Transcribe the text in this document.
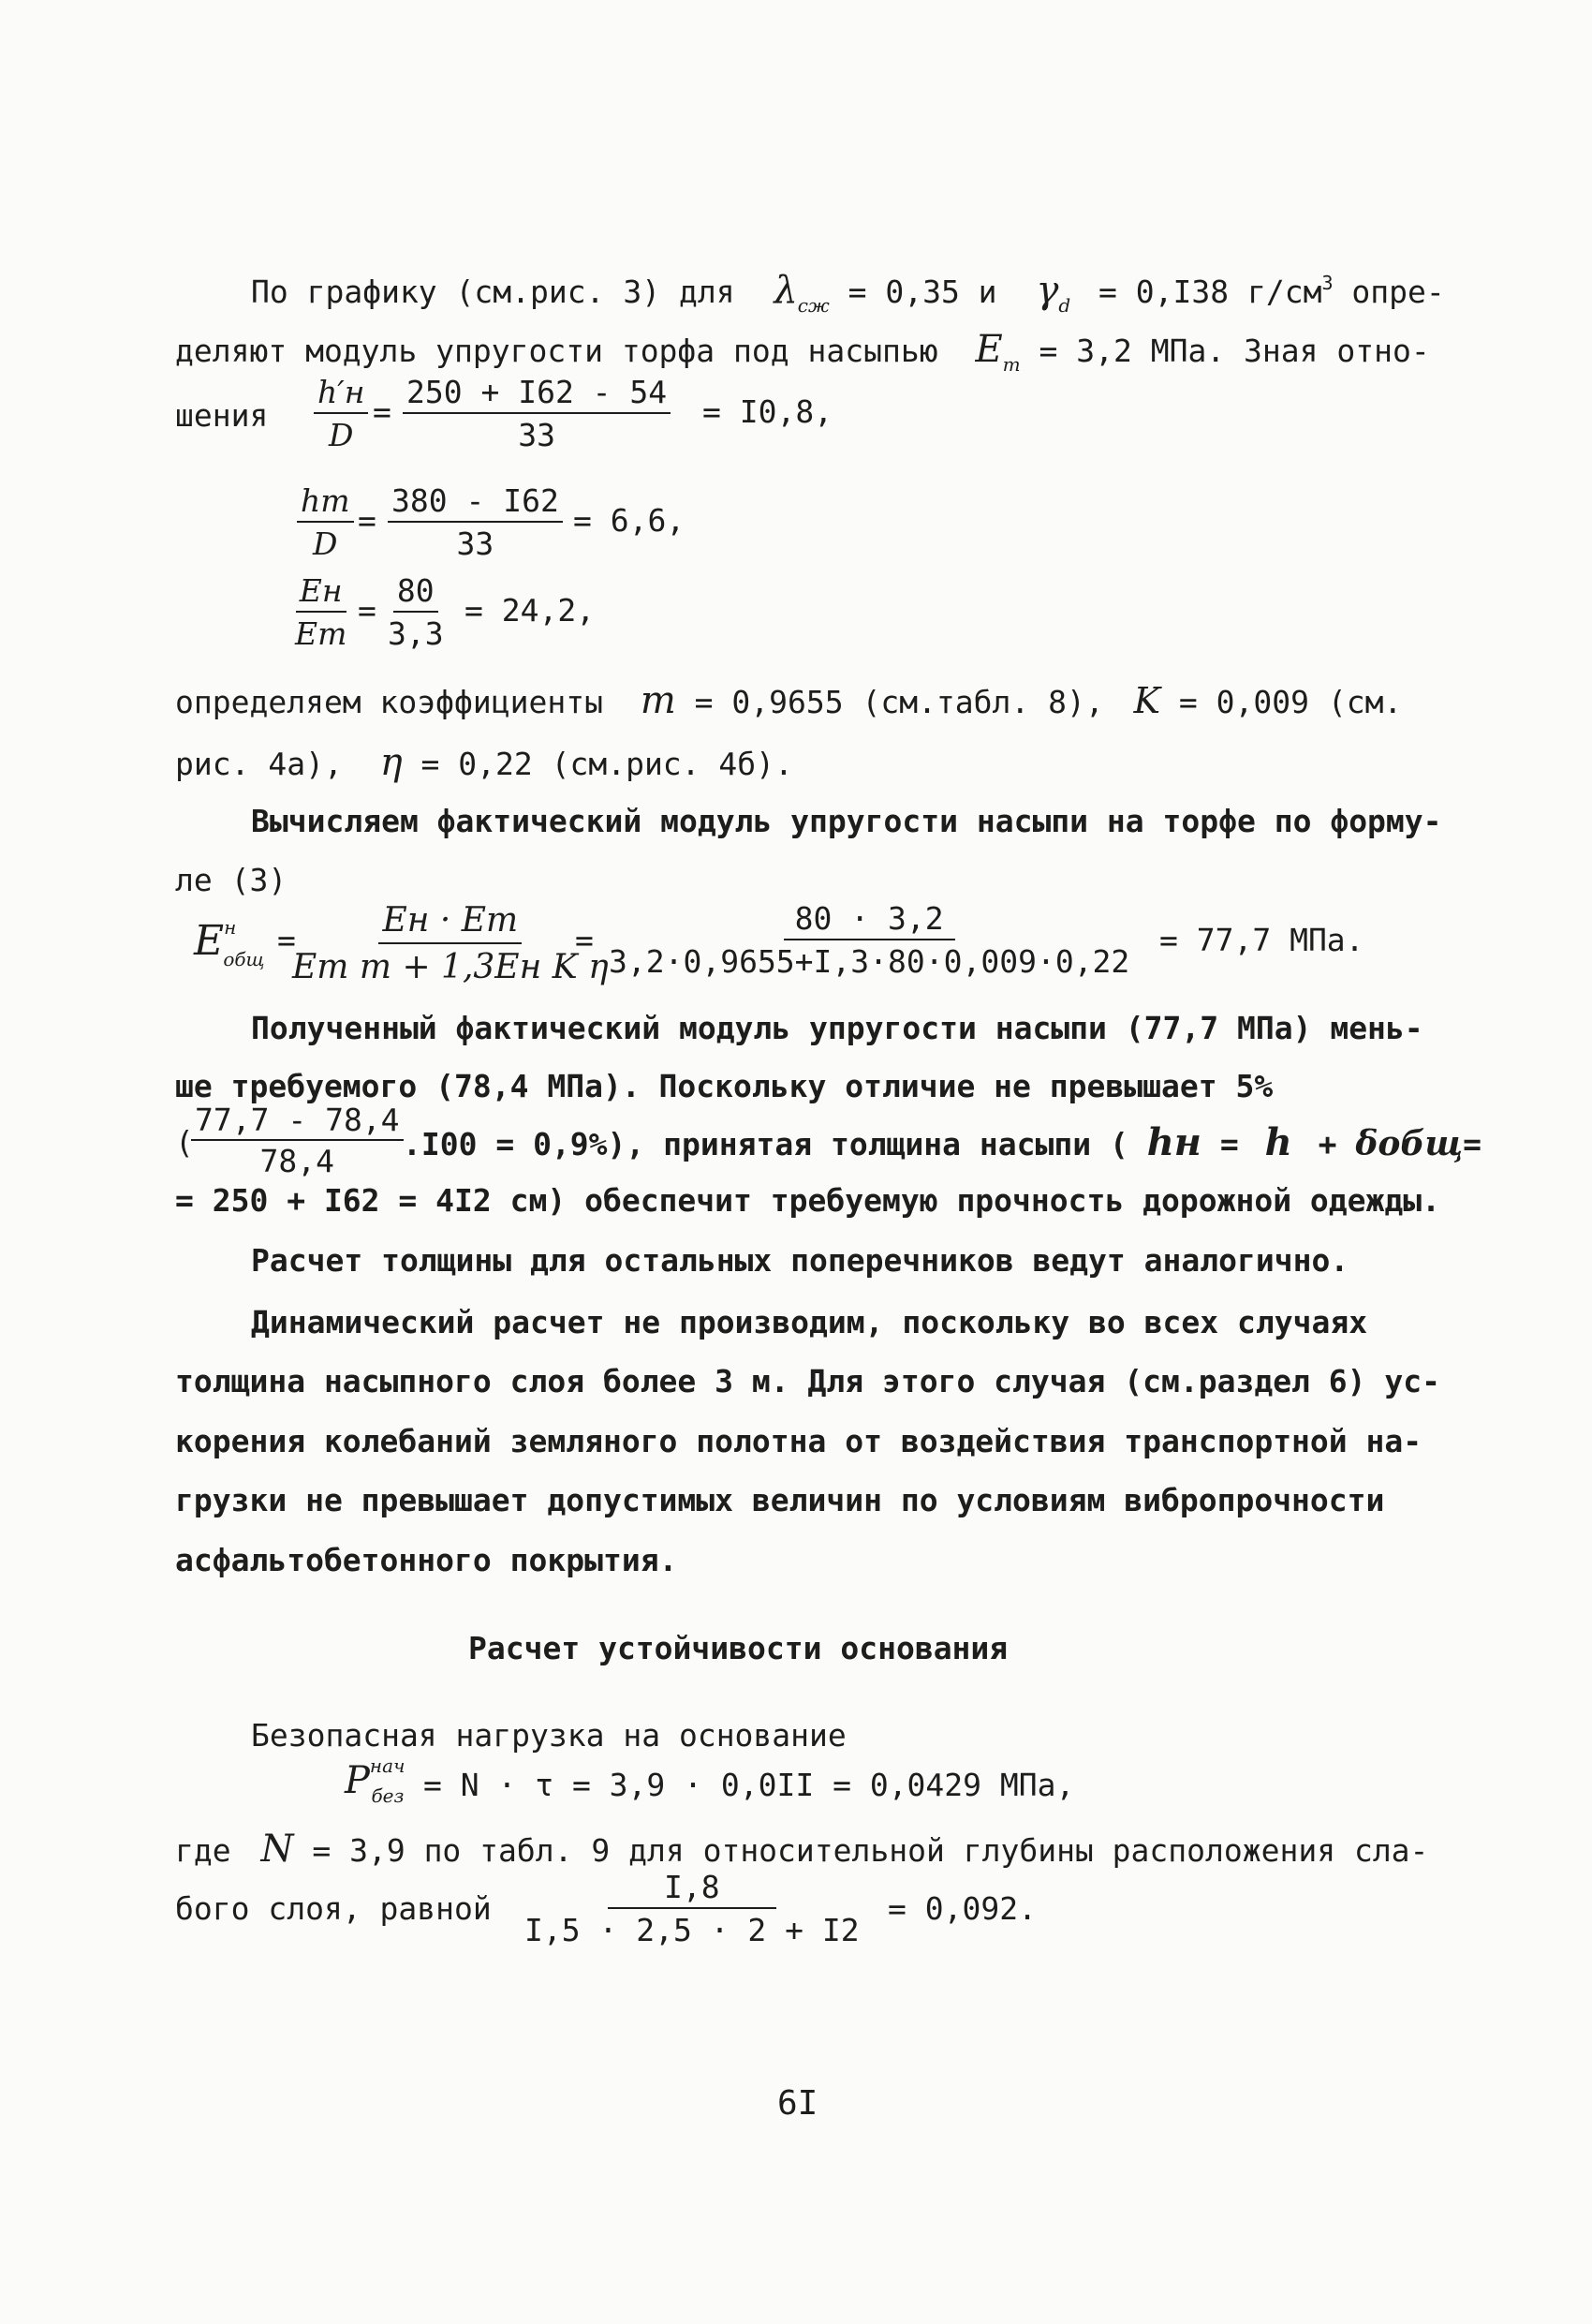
По графику (см.рис. 3) для $\lambda_{сж} = 0,35$ и $\gamma_d = 0,I38$ $г/см^3$ опре-
деляют модуль упругости торфа под насыпью $E_т = 3,2$ МПа. Зная отно-
шения
h′н
D
= $\frac{250 + I62 - 54}{33} = I0,8$,
hт
D
= $\frac{380 - I62}{33} = 6,6$,
Eн
Eт
= $\frac{80}{3,3} = 24,2$,
определяем коэффициенты m = 0,9655 (см.табл. 8), K = 0,009 (см.
рис. 4а), η = 0,22 (см.рис. 4б).
Вычисляем фактический модуль упругости насыпи на торфе по форму-
ле (3)
$E^н_{общ}$
=
Eн · Eт
Eт m + 1,3Eн K η
= $\frac{80 \cdot 3,2}{3,2\cdot 0,9655+I,3\cdot 80\cdot 0,009\cdot 0,22} = 77,7$ МПа.
Полученный фактический модуль упругости насыпи (77,7 МПа) мень-
ше требуемого (78,4 МПа). Поскольку отличие не превышает 5%
(
$\frac{77,7 - 78,4}{78,4} .I00 = 0,9\%$), принятая толщина насыпи ( hн = h + δобщ=
= 250 + I62 = 4I2 см) обеспечит требуемую прочность дорожной одежды.
Расчет толщины для остальных поперечников ведут аналогично.
Динамический расчет не производим, поскольку во всех случаях
толщина насыпного слоя более 3 м. Для этого случая (см.раздел 6) ус-
корения колебаний земляного полотна от воздействия транспортной на-
грузки не превышает допустимых величин по условиям вибропрочности
асфальтобетонного покрытия.
Расчет устойчивости основания
Безопасная нагрузка на основание
$P^{нач}_{без} = N \cdot \tau = 3,9 \cdot 0,0II = 0,0429$ МПа,
где N = 3,9 по табл. 9 для относительной глубины расположения сла-
бого слоя, равной $\frac{I,8}{I,5 \cdot 2,5 \cdot 2 + I2} = 0,092$.
6I
